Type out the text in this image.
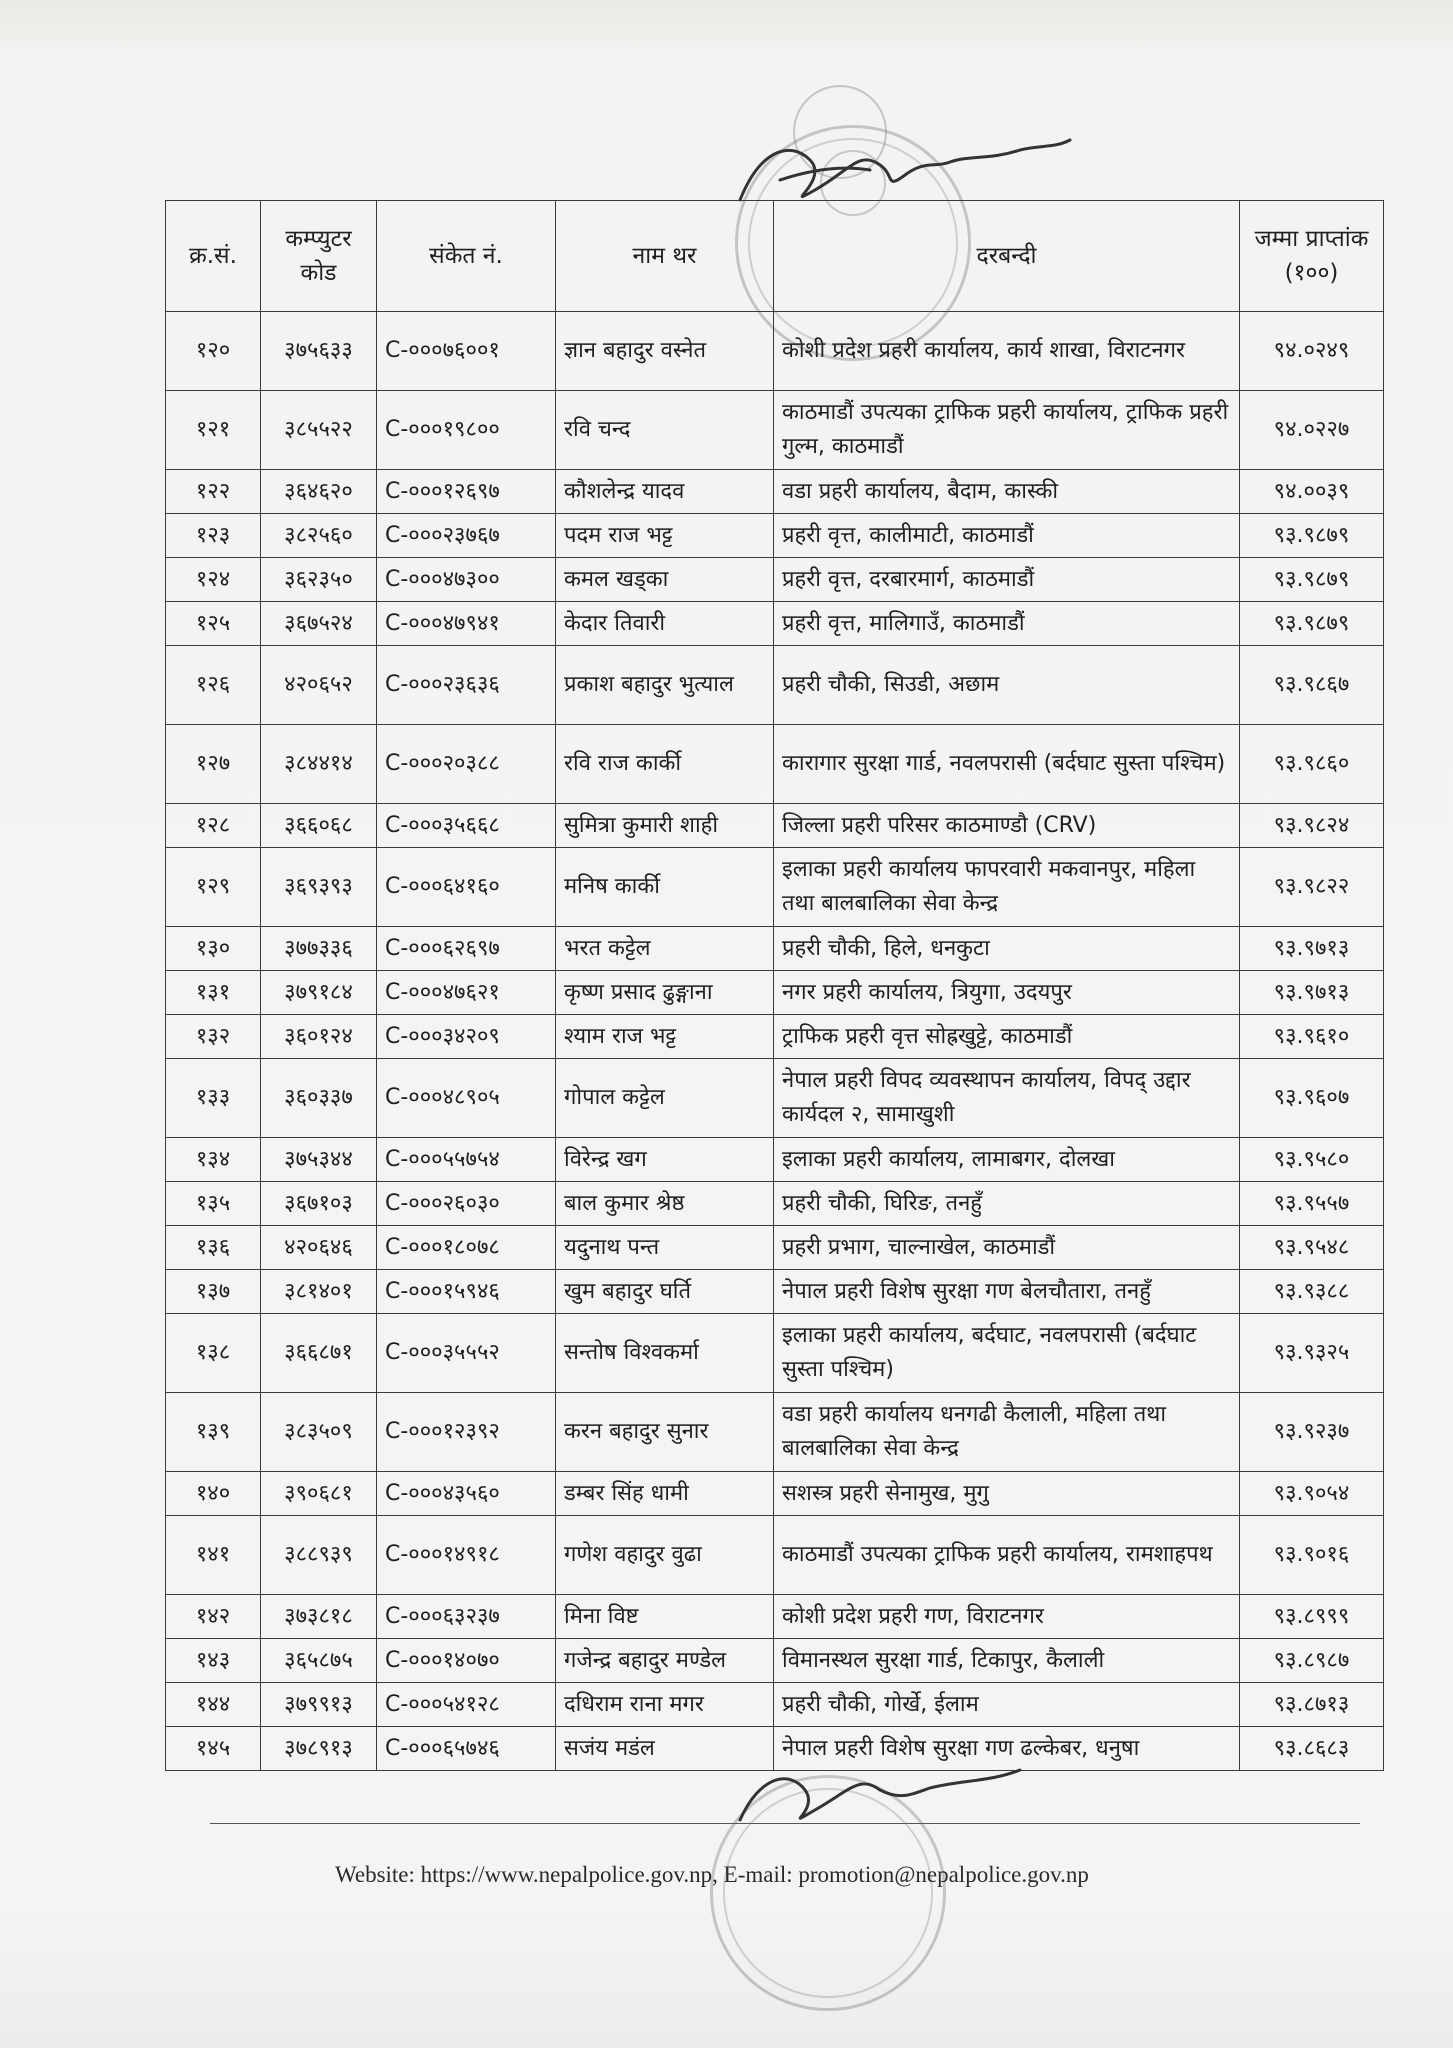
क्र.सं.	कम्प्युटर कोड	संकेत नं.	नाम थर	दरबन्दी	जम्मा प्राप्तांक (१००)
१२०	३७५६३३	C-०००७६००१	ज्ञान बहादुर वस्नेत	कोशी प्रदेश प्रहरी कार्यालय, कार्य शाखा, विराटनगर	९४.०२४९
१२१	३८५५२२	C-०००१९८००	रवि चन्द	काठमाडौं उपत्यका ट्राफिक प्रहरी कार्यालय, ट्राफिक प्रहरी गुल्म, काठमाडौं	९४.०२२७
१२२	३६४६२०	C-०००१२६९७	कौशलेन्द्र यादव	वडा प्रहरी कार्यालय, बैदाम, कास्की	९४.००३९
१२३	३८२५६०	C-०००२३७६७	पदम राज भट्ट	प्रहरी वृत्त, कालीमाटी, काठमाडौं	९३.९८७९
१२४	३६२३५०	C-०००४७३००	कमल खड्का	प्रहरी वृत्त, दरबारमार्ग, काठमाडौं	९३.९८७९
१२५	३६७५२४	C-०००४७९४१	केदार तिवारी	प्रहरी वृत्त, मालिगाउँ, काठमाडौं	९३.९८७९
१२६	४२०६५२	C-०००२३६३६	प्रकाश बहादुर भुत्याल	प्रहरी चौकी, सिउडी, अछाम	९३.९८६७
१२७	३८४४१४	C-०००२०३८८	रवि राज कार्की	कारागार सुरक्षा गार्ड, नवलपरासी (बर्दघाट सुस्ता पश्चिम)	९३.९८६०
१२८	३६६०६८	C-०००३५६६८	सुमित्रा कुमारी शाही	जिल्ला प्रहरी परिसर काठमाण्डौ (CRV)	९३.९८२४
१२९	३६९३९३	C-०००६४१६०	मनिष कार्की	इलाका प्रहरी कार्यालय फापरवारी मकवानपुर, महिला तथा बालबालिका सेवा केन्द्र	९३.९८२२
१३०	३७७३३६	C-०००६२६९७	भरत कट्टेल	प्रहरी चौकी, हिले, धनकुटा	९३.९७१३
१३१	३७९१८४	C-०००४७६२१	कृष्ण प्रसाद ढुङ्गाना	नगर प्रहरी कार्यालय, त्रियुगा, उदयपुर	९३.९७१३
१३२	३६०१२४	C-०००३४२०९	श्याम राज भट्ट	ट्राफिक प्रहरी वृत्त सोह्रखुट्टे, काठमाडौं	९३.९६१०
१३३	३६०३३७	C-०००४८९०५	गोपाल कट्टेल	नेपाल प्रहरी विपद व्यवस्थापन कार्यालय, विपद् उद्दार कार्यदल २, सामाखुशी	९३.९६०७
१३४	३७५३४४	C-०००५५७५४	विरेन्द्र खग	इलाका प्रहरी कार्यालय, लामाबगर, दोलखा	९३.९५८०
१३५	३६७१०३	C-०००२६०३०	बाल कुमार श्रेष्ठ	प्रहरी चौकी, घिरिङ, तनहुँ	९३.९५५७
१३६	४२०६४६	C-०००१८०७८	यदुनाथ पन्त	प्रहरी प्रभाग, चाल्नाखेल, काठमाडौं	९३.९५४८
१३७	३८१४०१	C-०००१५९४६	खुम बहादुर घर्ति	नेपाल प्रहरी विशेष सुरक्षा गण बेलचौतारा, तनहुँ	९३.९३८८
१३८	३६६८७१	C-०००३५५५२	सन्तोष विश्वकर्मा	इलाका प्रहरी कार्यालय, बर्दघाट, नवलपरासी (बर्दघाट सुस्ता पश्चिम)	९३.९३२५
१३९	३८३५०९	C-०००१२३९२	करन बहादुर सुनार	वडा प्रहरी कार्यालय धनगढी कैलाली, महिला तथा बालबालिका सेवा केन्द्र	९३.९२३७
१४०	३९०६८१	C-०००४३५६०	डम्बर सिंह धामी	सशस्त्र प्रहरी सेनामुख, मुगु	९३.९०५४
१४१	३८८९३९	C-०००१४९१८	गणेश वहादुर वुढा	काठमाडौं उपत्यका ट्राफिक प्रहरी कार्यालय, रामशाहपथ	९३.९०१६
१४२	३७३८१८	C-०००६३२३७	मिना विष्ट	कोशी प्रदेश प्रहरी गण, विराटनगर	९३.८९९९
१४३	३६५८७५	C-०००१४०७०	गजेन्द्र बहादुर मण्डेल	विमानस्थल सुरक्षा गार्ड, टिकापुर, कैलाली	९३.८९८७
१४४	३७९९१३	C-०००५४१२८	दधिराम राना मगर	प्रहरी चौकी, गोर्खे, ईलाम	९३.८७१३
१४५	३७८९१३	C-०००६५७४६	सजंय मडंल	नेपाल प्रहरी विशेष सुरक्षा गण ढल्केबर, धनुषा	९३.८६८३
Website: https://www.nepalpolice.gov.np, E-mail: promotion@nepalpolice.gov.np
